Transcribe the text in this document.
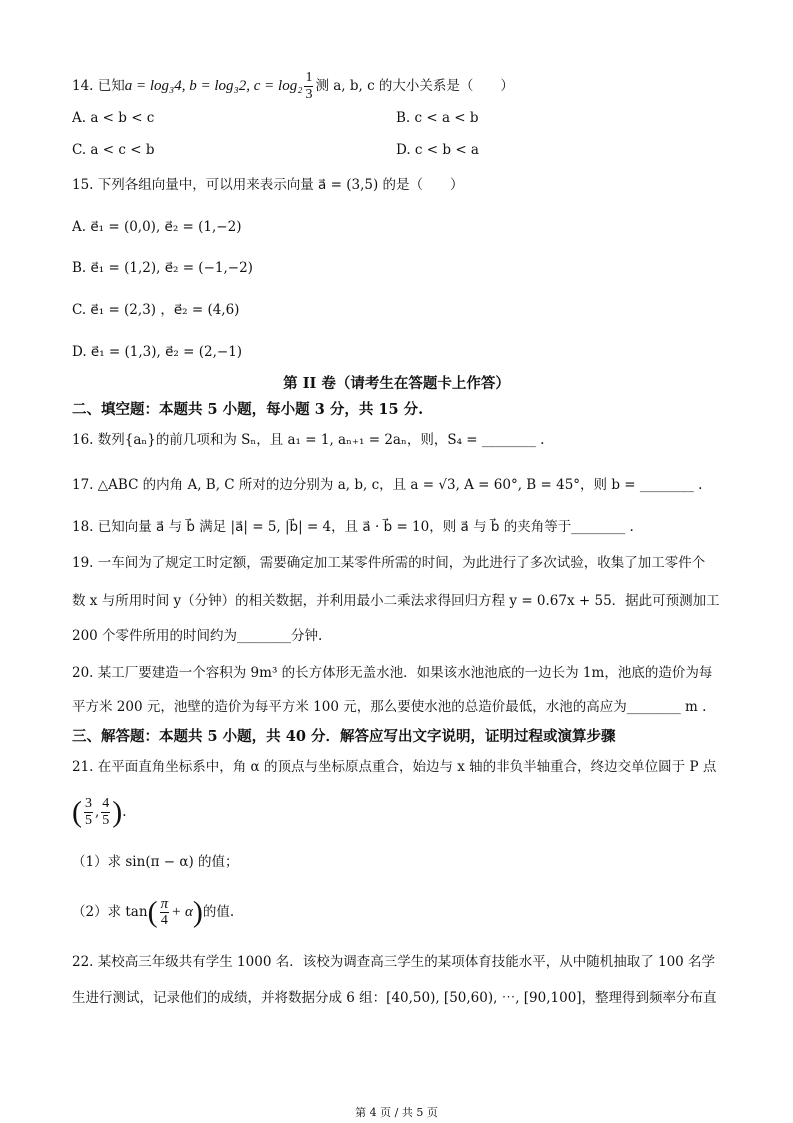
14. 已知a = log₃4, b = log₃2, $c = \log_2 \frac{1}{3}$ 测 a, b, c 的大小关系是（　　）
A. a < b < c	B. c < a < b
C. a < c < b	D. c < b < a
15. 下列各组向量中，可以用来表示向量 a⃗ = (3,5) 的是（　　）
A. e⃗₁ = (0,0), e⃗₂ = (1,−2)
B. e⃗₁ = (1,2), e⃗₂ = (−1,−2)
C. e⃗₁ = (2,3) ，e⃗₂ = (4,6)
D. e⃗₁ = (1,3), e⃗₂ = (2,−1)
第 II 卷（请考生在答题卡上作答）
二、填空题：本题共 5 小题，每小题 3 分，共 15 分.
16. 数列{aₙ}的前几项和为 Sₙ，且 a₁ = 1, aₙ₊₁ = 2aₙ，则，S₄ = ________ .
17. △ABC 的内角 A, B, C 所对的边分别为 a, b, c，且 a = √3, A = 60°, B = 45°，则 b = ________ .
18. 已知向量 a⃗ 与 b⃗ 满足 |a⃗| = 5, |b⃗| = 4，且 a⃗ · b⃗ = 10，则 a⃗ 与 b⃗ 的夹角等于________ .
19. 一车间为了规定工时定额，需要确定加工某零件所需的时间，为此进行了多次试验，收集了加工零件个
数 x 与所用时间 y（分钟）的相关数据，并利用最小二乘法求得回归方程 y = 0.67x + 55．据此可预测加工
200 个零件所用的时间约为________分钟.
20. 某工厂要建造一个容积为 9m³ 的长方体形无盖水池．如果该水池池底的一边长为 1m，池底的造价为每
平方米 200 元，池壁的造价为每平方米 100 元，那么要使水池的总造价最低，水池的高应为________ m .
三、解答题：本题共 5 小题，共 40 分．解答应写出文字说明，证明过程或演算步骤
21. 在平面直角坐标系中，角 α 的顶点与坐标原点重合，始边与 x 轴的非负半轴重合，终边交单位圆于 P 点
( $\frac{3}{5}$ , $\frac{4}{5}$ ).
（1）求 sin(π − α) 的值；
（2）求 $\tan( \frac{\pi}{4} + \alpha)$的值.
22. 某校高三年级共有学生 1000 名．该校为调查高三学生的某项体育技能水平，从中随机抽取了 100 名学
生进行测试，记录他们的成绩，并将数据分成 6 组：[40,50), [50,60), ⋯, [90,100]，整理得到频率分布直
第 4 页 / 共 5 页
